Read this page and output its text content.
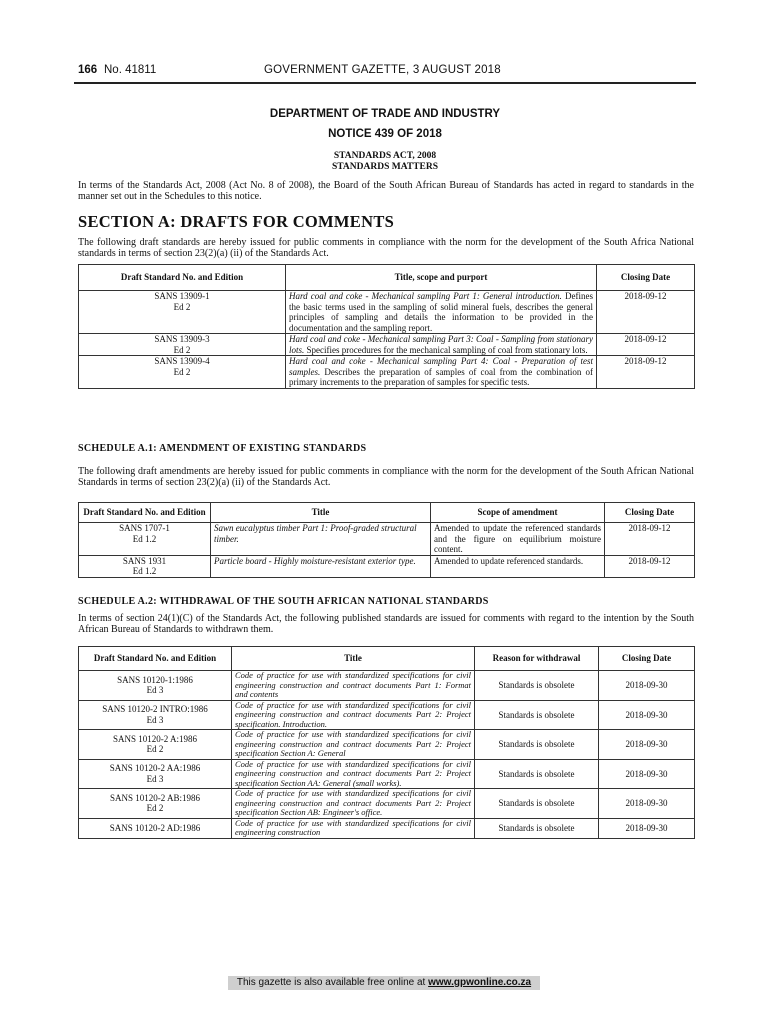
166 No. 41811	GOVERNMENT GAZETTE, 3 AUGUST 2018
DEPARTMENT OF TRADE AND INDUSTRY
NOTICE 439 OF 2018
STANDARDS ACT, 2008
STANDARDS MATTERS
In terms of the Standards Act, 2008 (Act No. 8 of 2008), the Board of the South African Bureau of Standards has acted in regard to standards in the manner set out in the Schedules to this notice.
SECTION A: DRAFTS FOR COMMENTS
The following draft standards are hereby issued for public comments in compliance with the norm for the development of the South Africa National standards in terms of section 23(2)(a) (ii) of the Standards Act.
Draft Standard No. and Edition	Title, scope and purport	Closing Date

SANS 13909-1
Ed 2	Hard coal and coke - Mechanical sampling Part 1: General introduction. Defines the basic terms used in the sampling of solid mineral fuels, describes the general principles of sampling and details the information to be provided in the documentation and the sampling report.	2018-09-12

SANS 13909-3
Ed 2	Hard coal and coke - Mechanical sampling Part 3: Coal - Sampling from stationary lots. Specifies procedures for the mechanical sampling of coal from stationary lots.	2018-09-12

SANS 13909-4
Ed 2	Hard coal and coke - Mechanical sampling Part 4: Coal - Preparation of test samples. Describes the preparation of samples of coal from the combination of primary increments to the preparation of samples for specific tests.	2018-09-12
SCHEDULE A.1: AMENDMENT OF EXISTING STANDARDS
The following draft amendments are hereby issued for public comments in compliance with the norm for the development of the South African National Standards in terms of section 23(2)(a) (ii) of the Standards Act.
Draft Standard No. and Edition	Title	Scope of amendment	Closing Date

SANS 1707-1
Ed 1.2	Sawn eucalyptus timber Part 1: Proof-graded structural timber.	Amended to update the referenced standards and the figure on equilibrium moisture content.	2018-09-12

SANS 1931
Ed 1.2	Particle board - Highly moisture-resistant exterior type.	Amended to update referenced standards.	2018-09-12
SCHEDULE A.2: WITHDRAWAL OF THE SOUTH AFRICAN NATIONAL STANDARDS
In terms of section 24(1)(C) of the Standards Act, the following published standards are issued for comments with regard to the intention by the South African Bureau of Standards to withdrawn them.
Draft Standard No. and Edition	Title	Reason for withdrawal	Closing Date

SANS 10120-1:1986
Ed 3	Code of practice for use with standardized specifications for civil engineering construction and contract documents Part 1: Format and contents	Standards is obsolete	2018-09-30

SANS 10120-2 INTRO:1986
Ed 3	Code of practice for use with standardized specifications for civil engineering construction and contract documents Part 2: Project specification. Introduction.	Standards is obsolete	2018-09-30

SANS 10120-2 A:1986
Ed 2	Code of practice for use with standardized specifications for civil engineering construction and contract documents Part 2: Project specification Section A: General	Standards is obsolete	2018-09-30

SANS 10120-2 AA:1986
Ed 3	Code of practice for use with standardized specifications for civil engineering construction and contract documents Part 2: Project specification Section AA: General (small works).	Standards is obsolete	2018-09-30

SANS 10120-2 AB:1986
Ed 2	Code of practice for use with standardized specifications for civil engineering construction and contract documents Part 2: Project specification Section AB: Engineer's office.	Standards is obsolete	2018-09-30

SANS 10120-2 AD:1986	Code of practice for use with standardized specifications for civil engineering construction	Standards is obsolete	2018-09-30
This gazette is also available free online at www.gpwonline.co.za
